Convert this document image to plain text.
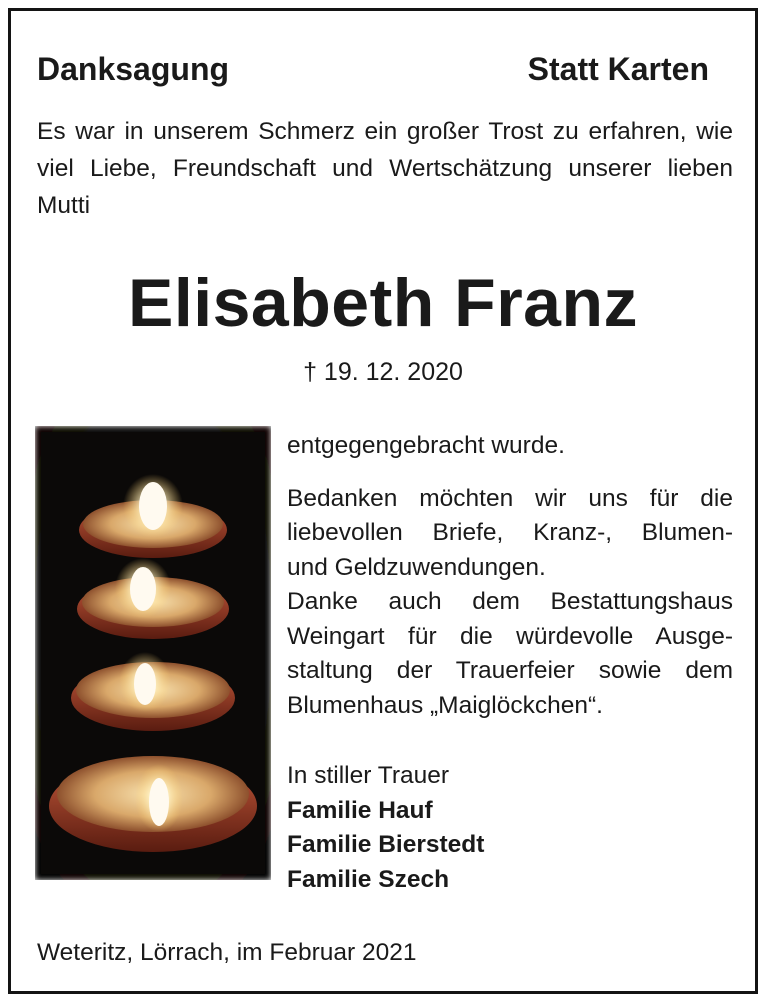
Danksagung	Statt Karten
Es war in unserem Schmerz ein großer Trost zu erfahren, wie viel Liebe, Freundschaft und Wertschätzung unserer lieben Mutti
Elisabeth Franz
† 19. 12. 2020

entgegengebracht wurde.

Bedanken möchten wir uns für die

liebevollen Briefe, Kranz-, Blumen-

und Geldzuwendungen.

Danke auch dem Bestattungshaus

Weingart für die würdevolle Ausge-

staltung der Trauerfeier sowie dem

Blumenhaus „Maiglöckchen“.

In stiller Trauer

Familie Hauf

Familie Bierstedt

Familie Szech

Weteritz, Lörrach, im Februar 2021
